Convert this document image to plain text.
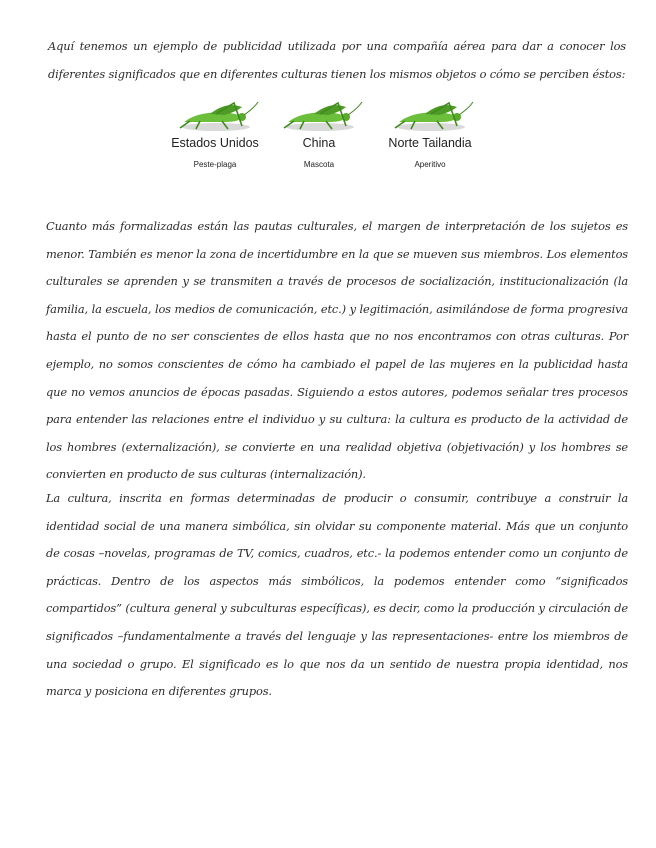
Aquí tenemos un ejemplo de publicidad utilizada por una compañía aérea para dar a conocer los diferentes significados que en diferentes culturas tienen los mismos objetos o cómo se perciben éstos:

Estados Unidos
Peste-plaga
China
Mascota
Norte Tailandia
Aperitivo

Cuanto más formalizadas están las pautas culturales, el margen de interpretación de los sujetos es menor. También es menor la zona de incertidumbre en la que se mueven sus miembros. Los elementos culturales se aprenden y se transmiten a través de procesos de socialización, institucionalización (la familia, la escuela, los medios de comunicación, etc.) y legitimación, asimilándose de forma progresiva hasta el punto de no ser conscientes de ellos hasta que no nos encontramos con otras culturas. Por ejemplo, no somos conscientes de cómo ha cambiado el papel de las mujeres en la publicidad hasta que no vemos anuncios de épocas pasadas. Siguiendo a estos autores, podemos señalar tres procesos para entender las relaciones entre el individuo y su cultura: la cultura es producto de la actividad de los hombres (externalización), se convierte en una realidad objetiva (objetivación) y los hombres se convierten en producto de sus culturas (internalización).

La cultura, inscrita en formas determinadas de producir o consumir, contribuye a construir la identidad social de una manera simbólica, sin olvidar su componente material. Más que un conjunto de cosas –novelas, programas de TV, comics, cuadros, etc.- la podemos entender como un conjunto de prácticas. Dentro de los aspectos más simbólicos, la podemos entender como “significados compartidos” (cultura general y subculturas específicas), es decir, como la producción y circulación de significados –fundamentalmente a través del lenguaje y las representaciones- entre los miembros de una sociedad o grupo. El significado es lo que nos da un sentido de nuestra propia identidad, nos marca y posiciona en diferentes grupos.
